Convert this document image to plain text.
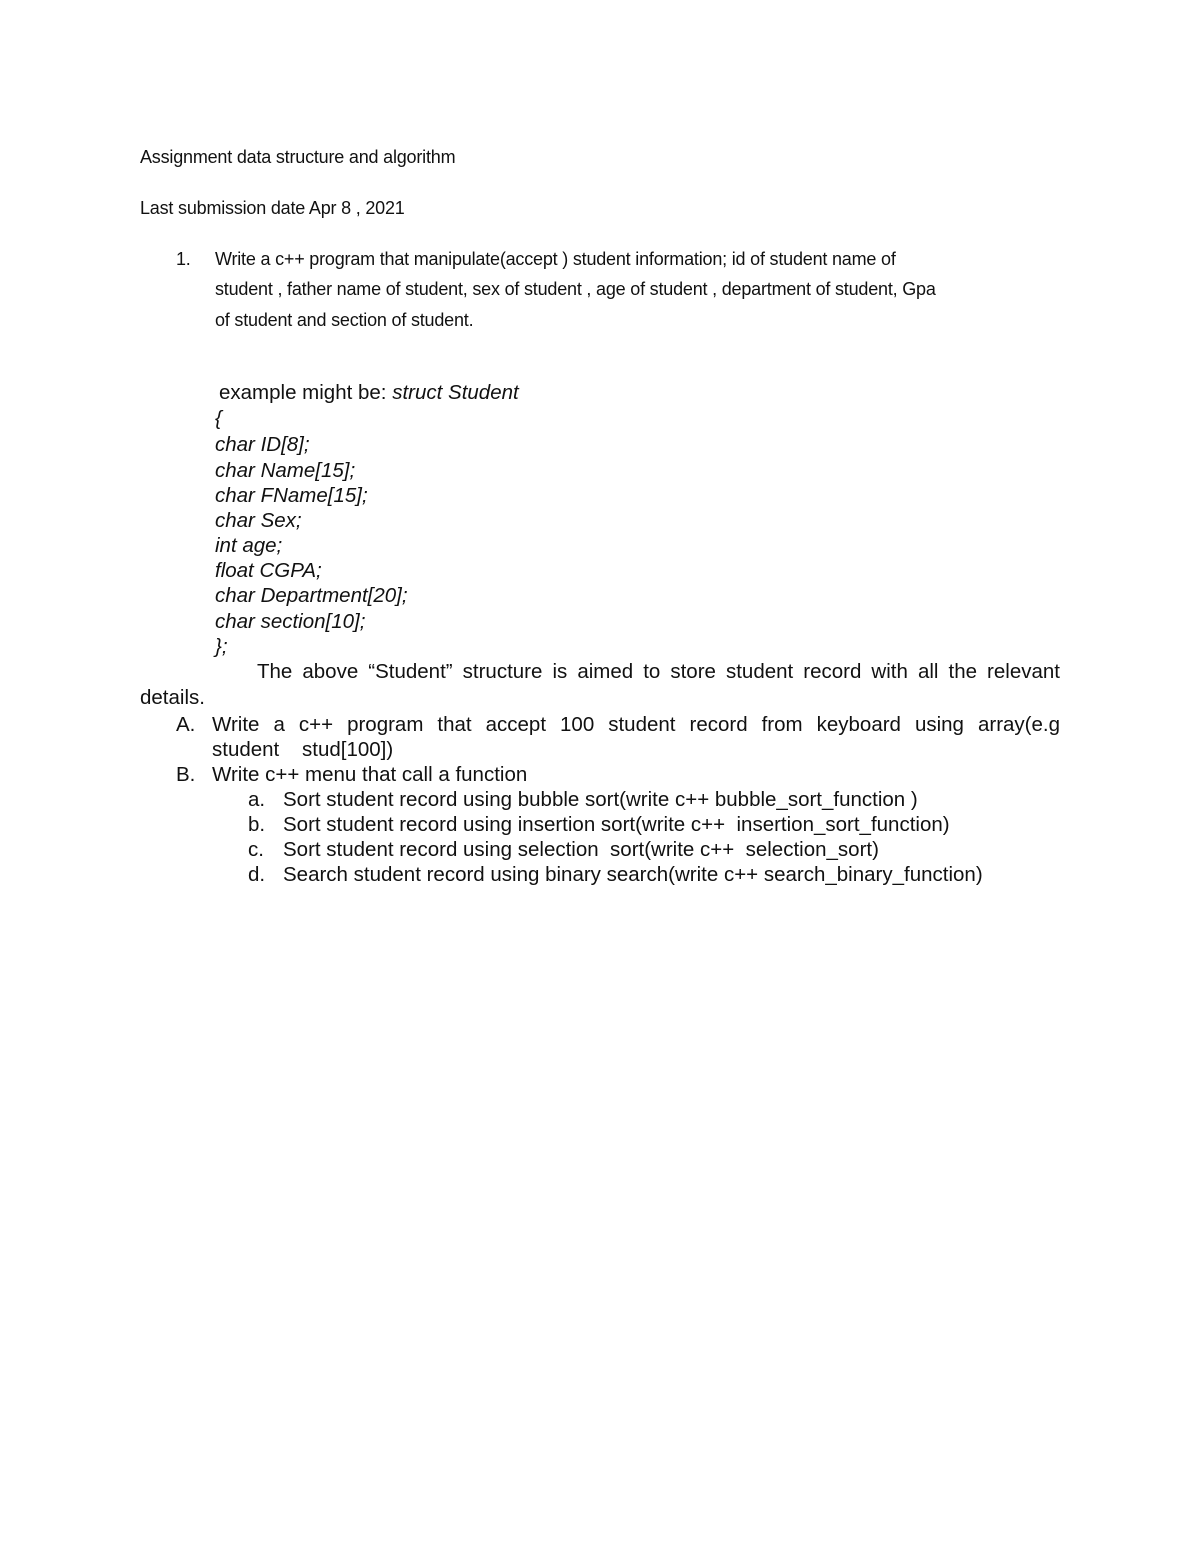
Assignment data structure and algorithm

Last submission date Apr 8 , 2021

1. Write a c++ program that manipulate(accept ) student information; id of student name of

student , father name of student, sex of student , age of student , department of student, Gpa

of student and section of student.

example might be: struct Student

{

char ID[8];

char Name[15];

char FName[15];

char Sex;

int age;

float CGPA;

char Department[20];

char section[10];

};

The above “Student” structure is aimed to store student record with all the relevant details.

A. Write a c++ program that accept 100 student record from keyboard using array(e.g

student    stud[100])

B. Write c++ menu that call a function

a. Sort student record using bubble sort(write c++ bubble_sort_function )

b. Sort student record using insertion sort(write c++  insertion_sort_function)

c. Sort student record using selection  sort(write c++  selection_sort)

d. Search student record using binary search(write c++ search_binary_function)
